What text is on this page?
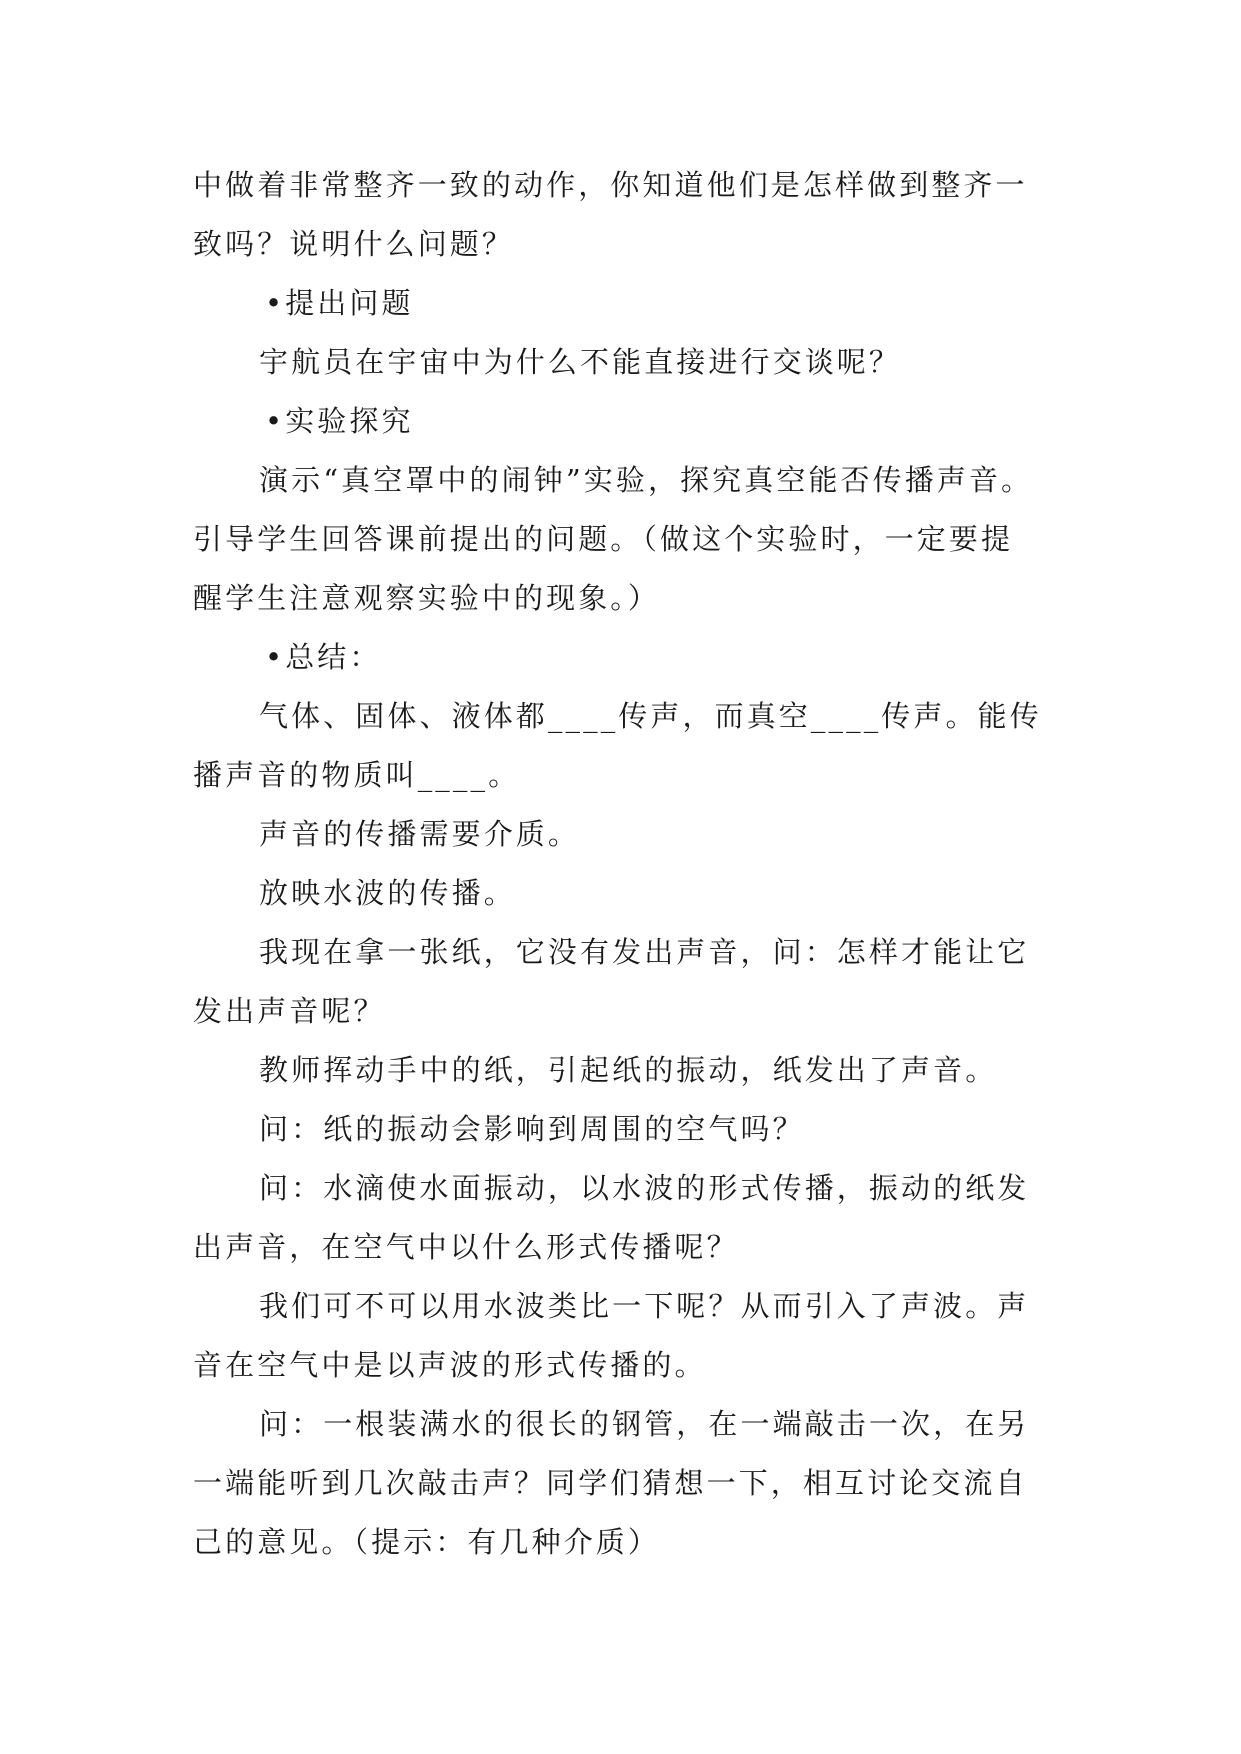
中做着非常整齐一致的动作，你知道他们是怎样做到整齐一
致吗？说明什么问题？
•提出问题
宇航员在宇宙中为什么不能直接进行交谈呢？
•实验探究
演示“真空罩中的闹钟”实验，探究真空能否传播声音。
引导学生回答课前提出的问题。（做这个实验时，一定要提
醒学生注意观察实验中的现象。）
•总结：
气体、固体、液体都____传声，而真空____传声。能传
播声音的物质叫____。
声音的传播需要介质。
放映水波的传播。
我现在拿一张纸，它没有发出声音，问：怎样才能让它
发出声音呢？
教师挥动手中的纸，引起纸的振动，纸发出了声音。
问：纸的振动会影响到周围的空气吗？
问：水滴使水面振动，以水波的形式传播，振动的纸发
出声音，在空气中以什么形式传播呢？
我们可不可以用水波类比一下呢？从而引入了声波。声
音在空气中是以声波的形式传播的。
问：一根装满水的很长的钢管，在一端敲击一次，在另
一端能听到几次敲击声？同学们猜想一下，相互讨论交流自
己的意见。（提示：有几种介质）
